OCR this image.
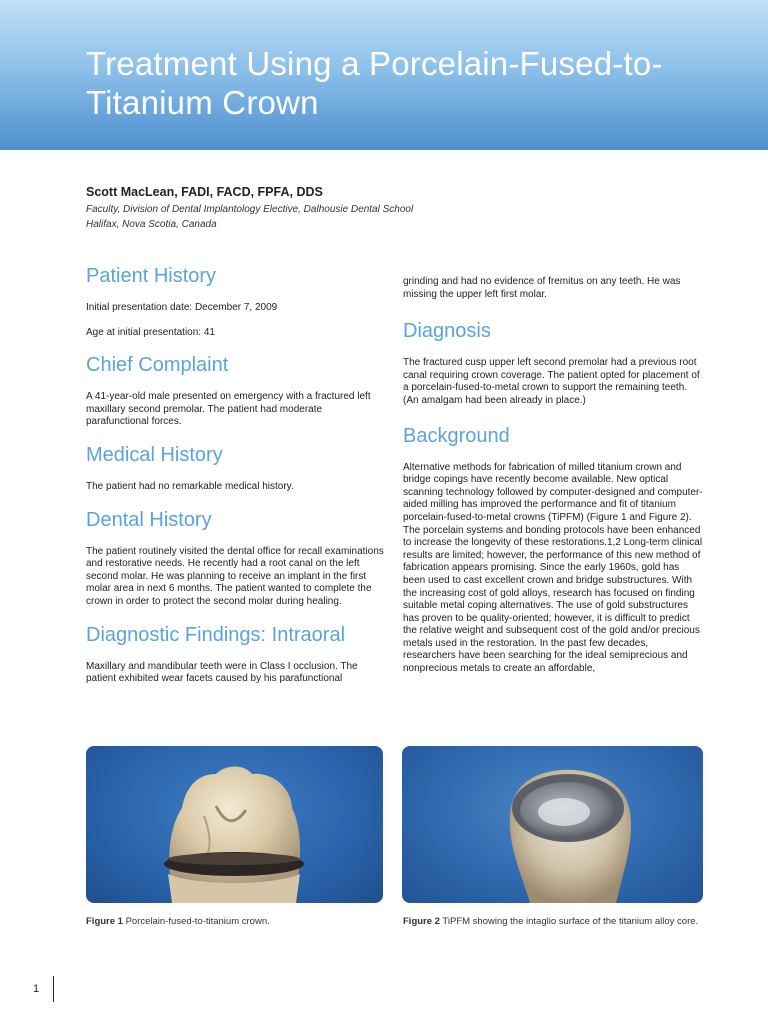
Treatment Using a Porcelain-Fused-to-Titanium Crown
Scott MacLean, FADI, FACD, FPFA, DDS
Faculty, Division of Dental Implantology Elective, Dalhousie Dental School
Halifax, Nova Scotia, Canada
Patient History

Initial presentation date: December 7, 2009

Age at initial presentation: 41

Chief Complaint

A 41-year-old male presented on emergency with a fractured left maxillary second premolar. The patient had moderate parafunctional forces.

Medical History

The patient had no remarkable medical history.

Dental History

The patient routinely visited the dental office for recall examinations and restorative needs. He recently had a root canal on the left second molar. He was planning to receive an implant in the first molar area in next 6 months. The patient wanted to complete the crown in order to protect the second molar during healing.

Diagnostic Findings: Intraoral

Maxillary and mandibular teeth were in Class I occlusion. The patient exhibited wear facets caused by his parafunctional

grinding and had no evidence of fremitus on any teeth. He was missing the upper left first molar.

Diagnosis

The fractured cusp upper left second premolar had a previous root canal requiring crown coverage. The patient opted for placement of a porcelain-fused-to-metal crown to support the remaining teeth. (An amalgam had been already in place.)

Background

Alternative methods for fabrication of milled titanium crown and bridge copings have recently become available. New optical scanning technology followed by computer-designed and computer-aided milling has improved the performance and fit of titanium porcelain-fused-to-metal crowns (TiPFM) (Figure 1 and Figure 2). The porcelain systems and bonding protocols have been enhanced to increase the longevity of these restorations.1,2 Long-term clinical results are limited; however, the performance of this new method of fabrication appears promising. Since the early 1960s, gold has been used to cast excellent crown and bridge substructures. With the increasing cost of gold alloys, research has focused on finding suitable metal coping alternatives. The use of gold substructures has proven to be quality-oriented; however, it is difficult to predict the relative weight and subsequent cost of the gold and/or precious metals used in the restoration. In the past few decades, researchers have been searching for the ideal semiprecious and nonprecious metals to create an affordable,

Figure 1 Porcelain-fused-to-titanium crown.	Figure 2 TiPFM showing the intaglio surface of the titanium alloy core.
1
